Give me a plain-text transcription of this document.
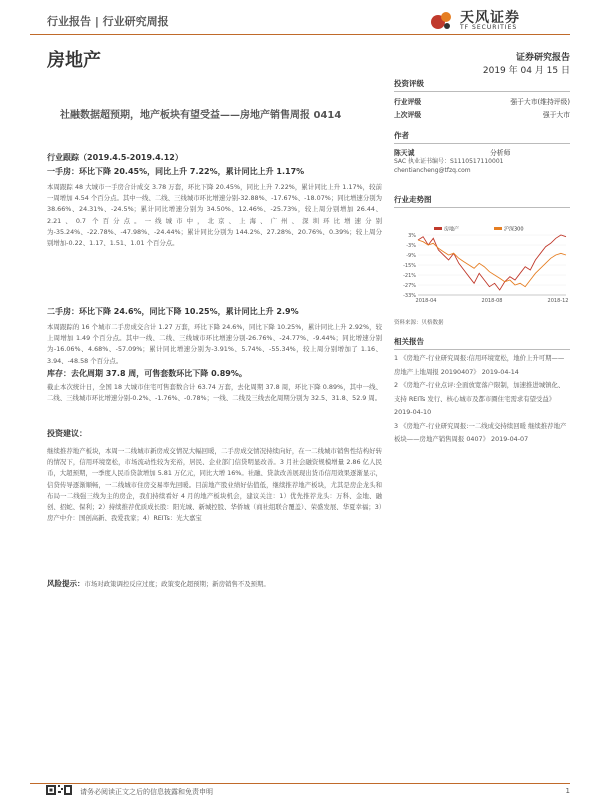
行业报告 | 行业研究周报	天风证券
TF SECURITIES
房地产	证券研究报告
2019 年 04 月 15 日
社融数据超预期，地产板块有望受益——房地产销售周报 0414
行业跟踪（2019.4.5-2019.4.12）
一手房：环比下降 20.45%，同比上升 7.22%，累计同比上升 1.17%
本周跟踪 48 大城市一手房合计成交 3.78 万套，环比下降 20.45%，同比上升 7.22%，累计同比上升 1.17%，较前一周增加 4.54 个百分点。其中一线、二线、三线城市环比增速分别-32.88%、-17.67%、-18.07%；同比增速分别为 38.66%、24.31%、-24.5%；累计同比增速分别为 34.50%、12.46%、-25.73%，较上周分别增加 26.44、2.21、0.7 个百分点。一线城市中，北京、上海、广州、深圳环比增速分别为-35.24%、-22.78%、-47.98%、-24.44%；累计同比分别为 144.2%、27.28%、20.76%、0.39%；较上周分别增加-0.22、1.17、1.51、1.01 个百分点。
二手房：环比下降 24.6%，同比下降 10.25%，累计同比上升 2.9%
本周跟踪的 16 个城市二手房成交合计 1.27 万套，环比下降 24.6%，同比下降 10.25%，累计同比上升 2.92%，较上周增加 1.49 个百分点。其中一线、二线、三线城市环比增速分别-26.76%、-24.77%、-9.44%；同比增速分别为-16.06%、4.68%、-57.09%；累计同比增速分别为-3.91%、5.74%、-55.34%，较上周分别增加了 1.16、3.94、-48.58 个百分点。
库存：去化周期 37.8 周，可售套数环比下降 0.89%。
截止本次统计日，全国 18 大城市住宅可售套数合计 63.74 万套，去化周期 37.8 周，环比下降 0.89%，其中一线、二线、三线城市环比增速分别-0.2%、-1.76%、-0.78%；一线、二线及三线去化周期分别为 32.5、31.8、52.9 周。
投资建议：
继续推荐地产板块，本周一二线城市新房成交情况大幅回暖，二手房成交情况持续向好，在一二线城市销售性结构好转的情况下，信用环境宽松，市场流动性较为充裕，居民、企业部门信贷明显改善。3 月社会融资规模增量 2.86 亿人民币，大超预期，一季度人民币贷款增加 5.81 万亿元，同比大增 16%。社融、贷款改善展现出货币信用效果逐渐显示，信贷传导逐渐顺畅，一二线城市住房交易率先回暖。目前地产股业绩好估值低，继续推荐地产板块，尤其是房企龙头和布局一二线强三线为主的房企，我们持续看好 4 月的地产板块机会，建议关注：1）优先推荐龙头：万科、金地、融创、招蛇、保利；2）持续推荐优质成长股：阳光城、新城控股、华侨城（商社组联合覆盖）、荣盛发展、华夏幸福；3）房产中介：国创高新、我爱我家；4）REITs：光大嘉宝
风险提示：市场对政策调控反应过度；政策变化超预期；新房销售不及预期。
投资评级
行业评级	强于大市(维持评级)
上次评级	强于大市
作者
陈天诚	分析师
SAC 执业证书编号：S1110517110001
chentiancheng@tfzq.com
行业走势图
3%
-3%
-9%
-15%
-21%
-27%
-33%
2018-04	2018-08	2018-12
房地产	沪深300
资料来源：贝格数据
相关报告
1 《房地产-行业研究周报:信用环境宽松，地价上升可期——房地产上地周报 20190407》 2019-04-14
2 《房地产-行业点评:全面放宽落户限制，加速推进城镇化、支持 REITs 发行、核心城市及都市圈住宅需求有望受益》 2019-04-10
3 《房地产-行业研究周报:一二线成交持续回暖 继续推荐地产板块——房地产销售周报 0407》 2019-04-07
请务必阅读正文之后的信息披露和免责申明	1
